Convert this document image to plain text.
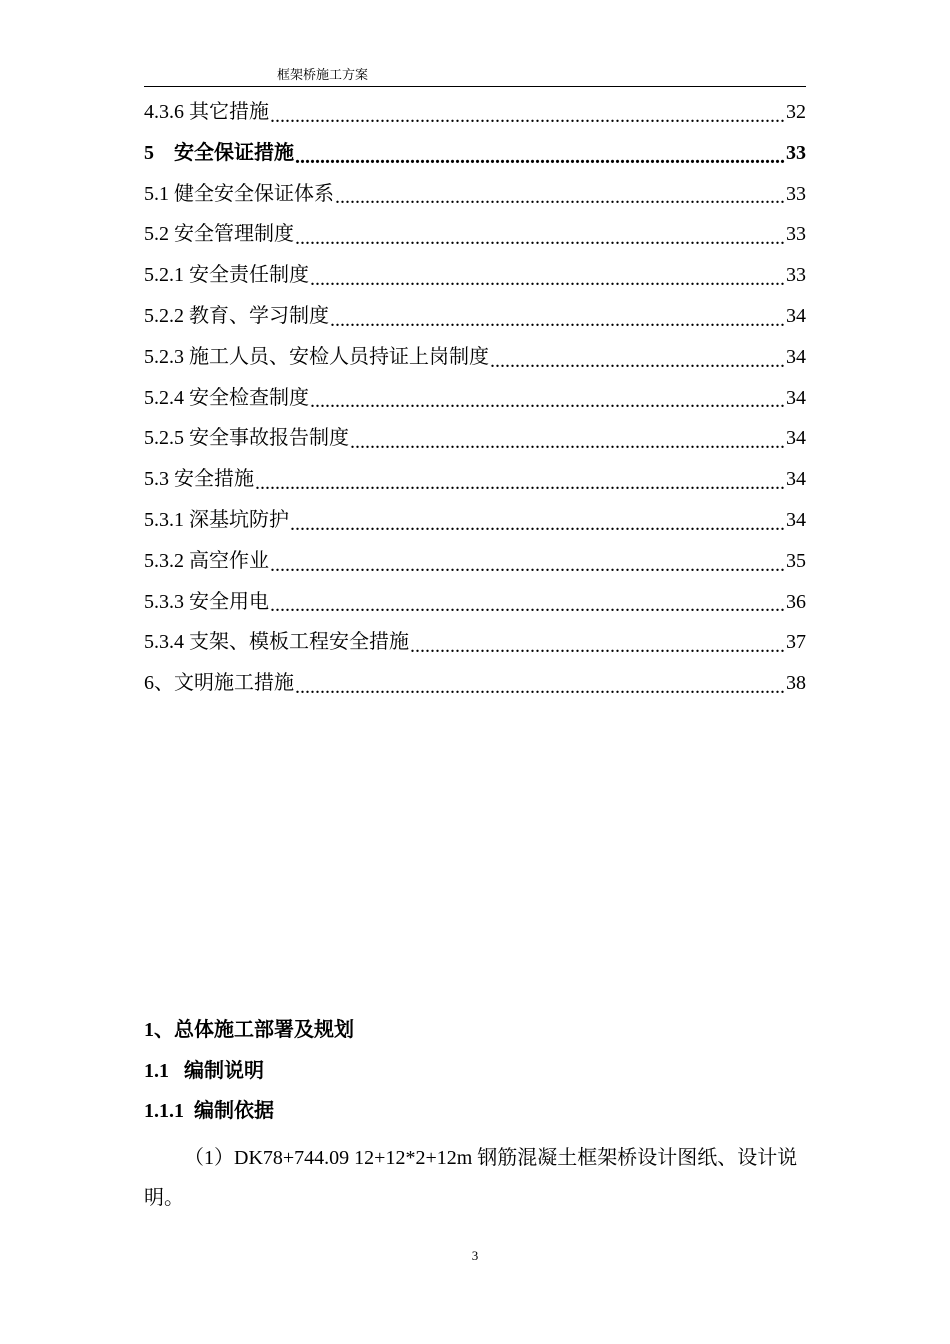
框架桥施工方案
4.3.6 其它措施 .....	32
5 安全保证措施 .....	33
5.1 健全安全保证体系 .....	33
5.2 安全管理制度 .....	33
5.2.1 安全责任制度 .....	33
5.2.2 教育、学习制度 .....	34
5.2.3 施工人员、安检人员持证上岗制度 .....	34
5.2.4 安全检查制度 .....	34
5.2.5 安全事故报告制度 .....	34
5.3 安全措施 .....	34
5.3.1 深基坑防护 .....	34
5.3.2 高空作业 .....	35
5.3.3 安全用电 .....	36
5.3.4 支架、模板工程安全措施 .....	37
6、文明施工措施 .....	38
1、总体施工部署及规划
1.1  编制说明
1.1.1 编制依据
（1）DK78+744.09 12+12*2+12m 钢筋混凝土框架桥设计图纸、设计说明。
3
